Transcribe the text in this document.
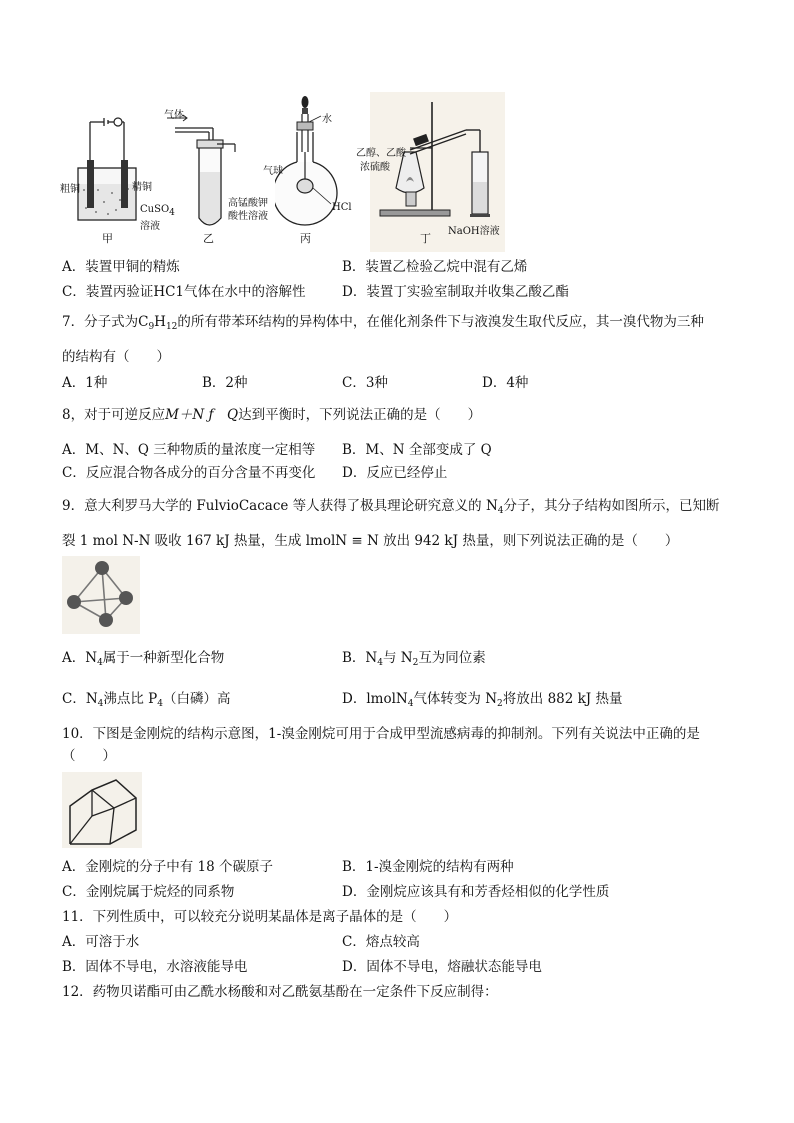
粗铜	精铜
CuSO$_4$
溶液
甲
气体
高锰酸钾
酸性溶液
乙
水
气球
HCl
丙
乙醇、乙酸
浓硫酸
NaOH溶液
丁
A．装置甲铜的精炼	B．装置乙检验乙烷中混有乙烯
C．装置丙验证HC1气体在水中的溶解性	D．装置丁实验室制取并收集乙酸乙酯
7．分子式为$C_9H_{12}$的所有带苯环结构的异构体中，在催化剂条件下与液溴发生取代反应，其一溴代物为三种
的结构有（　　）
A．1种	B．2种	C．3种	D．4种
8，对于可逆反应M＋N ƒ　Q达到平衡时，下列说法正确的是（　　）
A．M、N、Q 三种物质的量浓度一定相等 B．M、N 全部变成了 Q
C．反应混合物各成分的百分含量不再变化 D．反应已经停止
9．意大利罗马大学的 FulvioCacace 等人获得了极具理论研究意义的 $N_4$分子，其分子结构如图所示，已知断
裂 1 mol N-N 吸收 167 kJ 热量，生成 lmolN ≡ N 放出 942 kJ 热量，则下列说法正确的是（　　）
A．$N_4$属于一种新型化合物	B．$N_4$与 $N_2$互为同位素
C．$N_4$沸点比 $P_4$（白磷）高	D．lmolN$_4$气体转变为 $N_2$将放出 882 kJ 热量
10．下图是金刚烷的结构示意图，1-溴金刚烷可用于合成甲型流感病毒的抑制剂。下列有关说法中正确的是
（　　）
A．金刚烷的分子中有 18 个碳原子	B．1-溴金刚烷的结构有两种
C．金刚烷属于烷烃的同系物	D．金刚烷应该具有和芳香烃相似的化学性质
11．下列性质中，可以较充分说明某晶体是离子晶体的是（　　）
A．可溶于水	C．熔点较高
B．固体不导电，水溶液能导电	D．固体不导电，熔融状态能导电
12．药物贝诺酯可由乙酰水杨酸和对乙酰氨基酚在一定条件下反应制得：
